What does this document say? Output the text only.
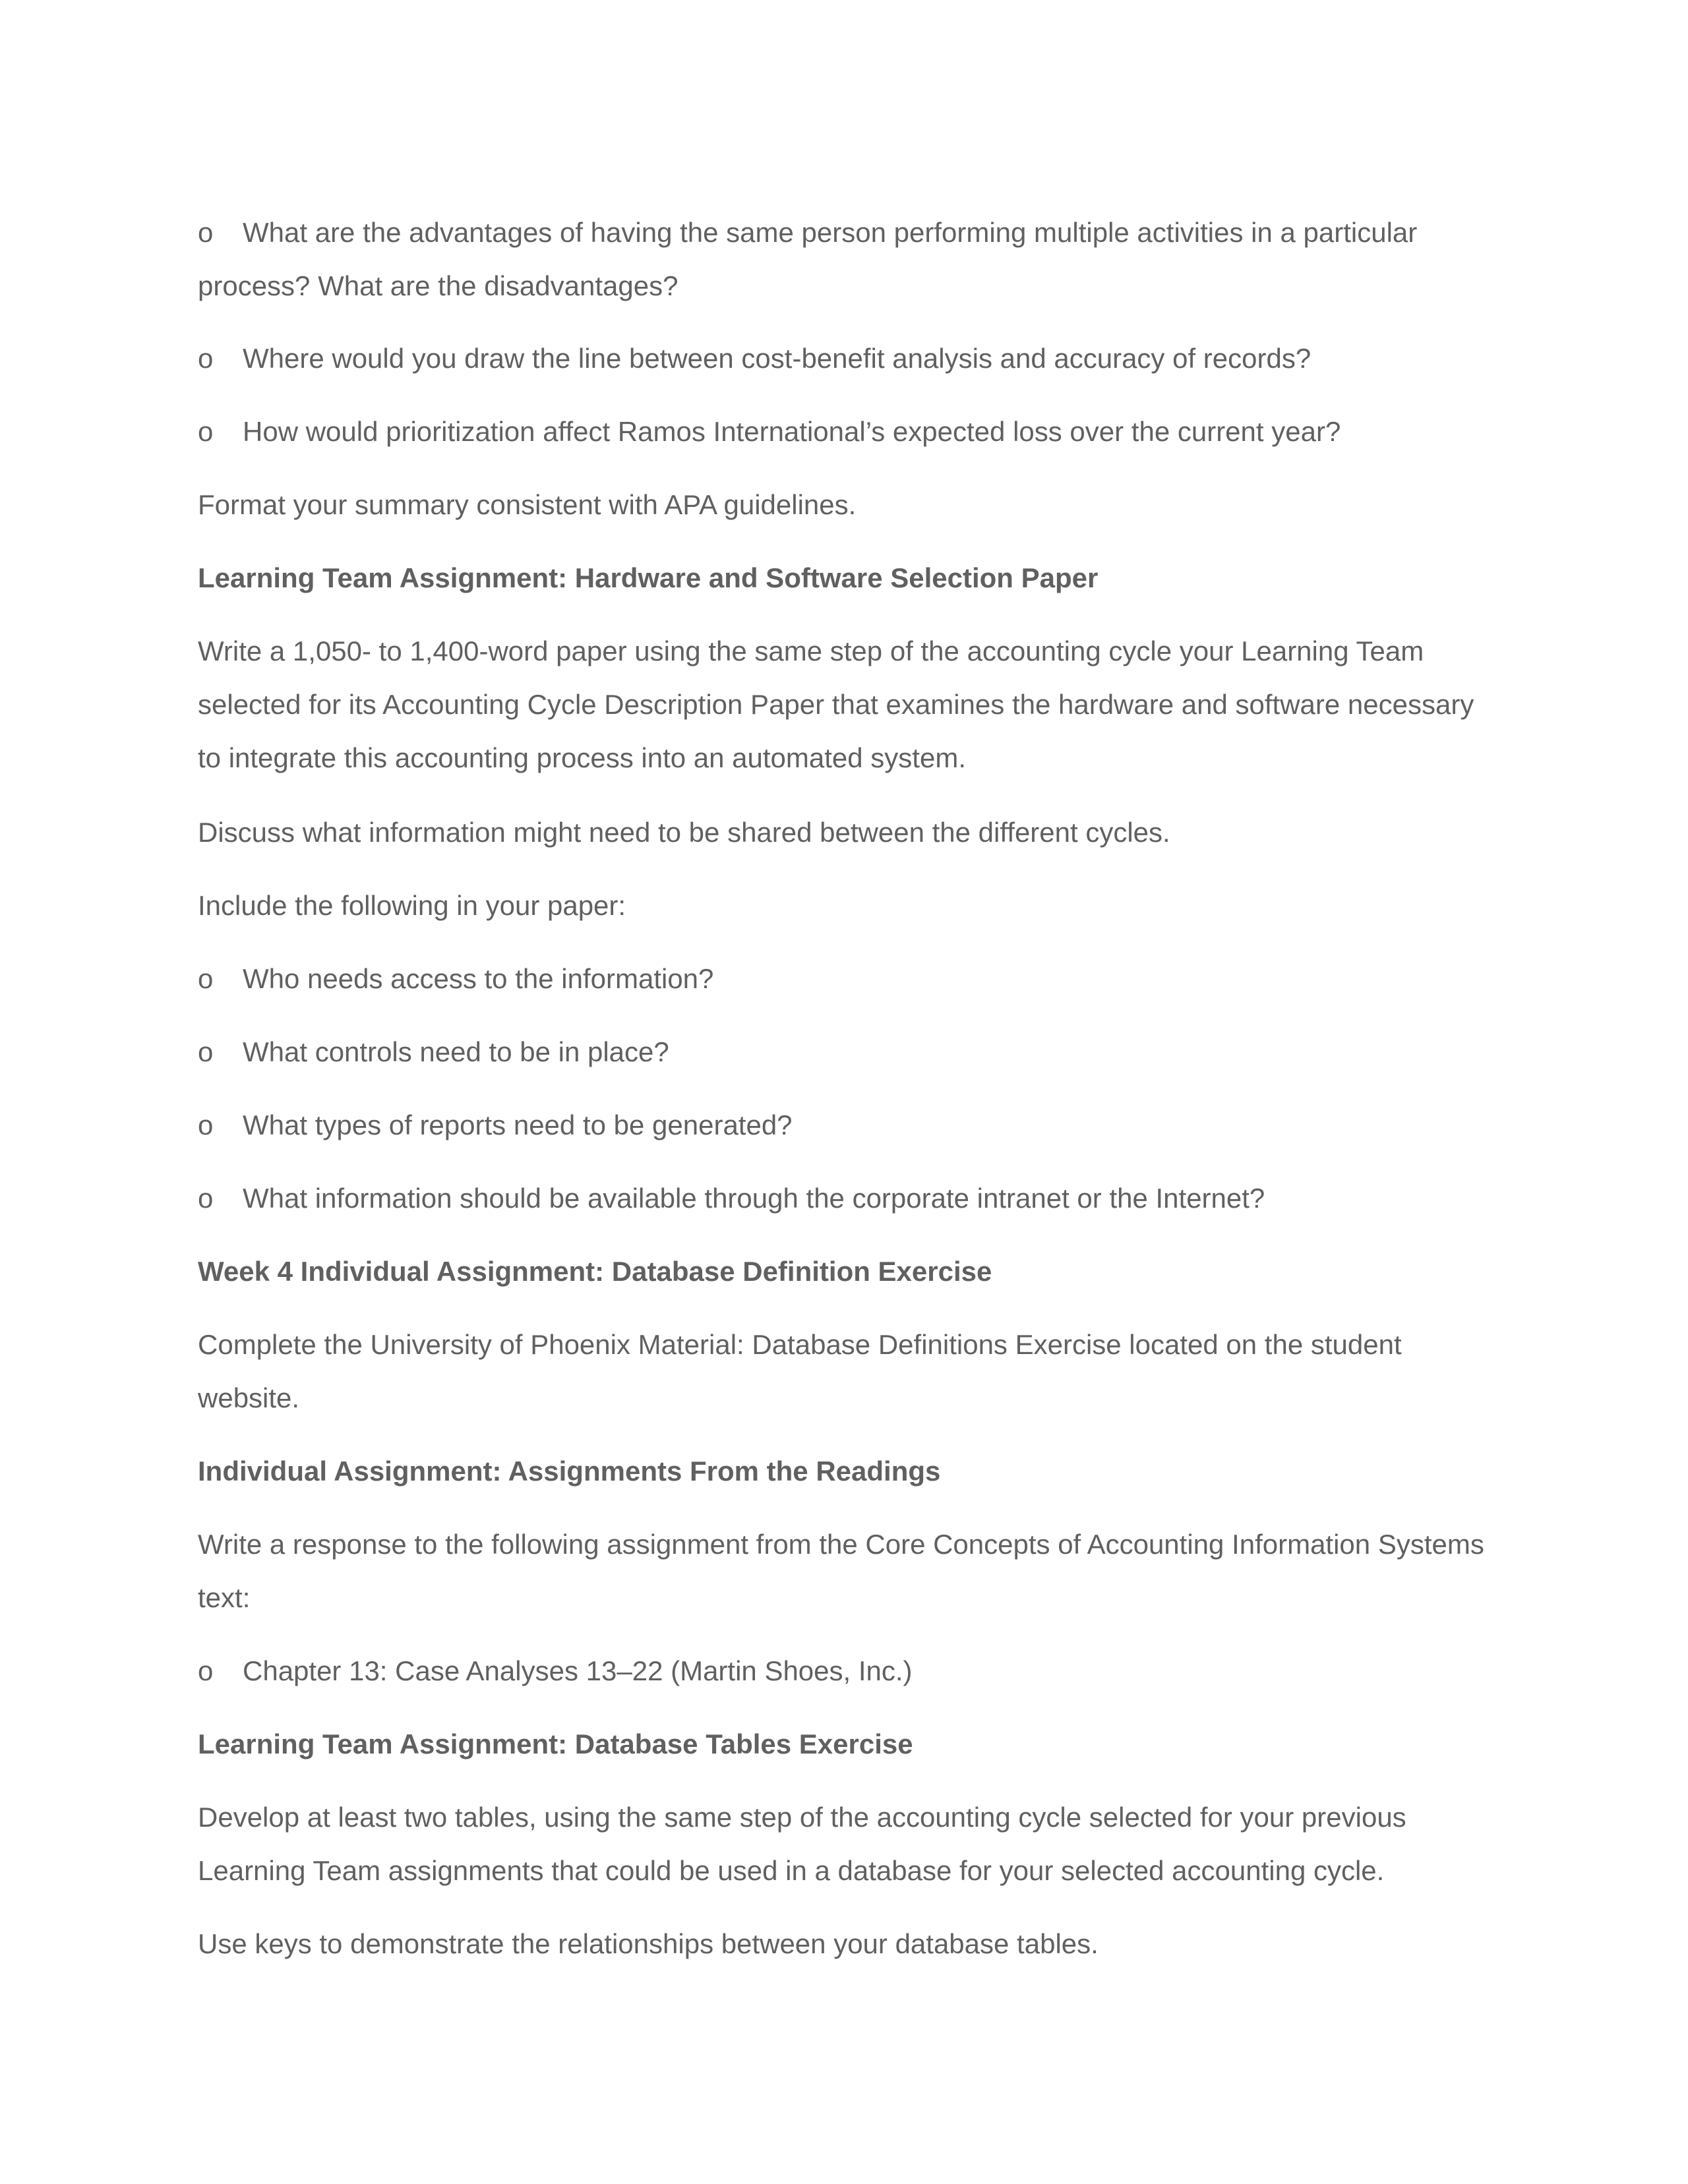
o What are the advantages of having the same person performing multiple activities in a particular
process? What are the disadvantages?
o Where would you draw the line between cost-benefit analysis and accuracy of records?
o How would prioritization affect Ramos International’s expected loss over the current year?
Format your summary consistent with APA guidelines.
Learning Team Assignment: Hardware and Software Selection Paper
Write a 1,050- to 1,400-word paper using the same step of the accounting cycle your Learning Team
selected for its Accounting Cycle Description Paper that examines the hardware and software necessary
to integrate this accounting process into an automated system.
Discuss what information might need to be shared between the different cycles.
Include the following in your paper:
o Who needs access to the information?
o What controls need to be in place?
o What types of reports need to be generated?
o What information should be available through the corporate intranet or the Internet?
Week 4 Individual Assignment: Database Definition Exercise
Complete the University of Phoenix Material: Database Definitions Exercise located on the student
website.
Individual Assignment: Assignments From the Readings
Write a response to the following assignment from the Core Concepts of Accounting Information Systems
text:
o Chapter 13: Case Analyses 13–22 (Martin Shoes, Inc.)
Learning Team Assignment: Database Tables Exercise
Develop at least two tables, using the same step of the accounting cycle selected for your previous
Learning Team assignments that could be used in a database for your selected accounting cycle.
Use keys to demonstrate the relationships between your database tables.
